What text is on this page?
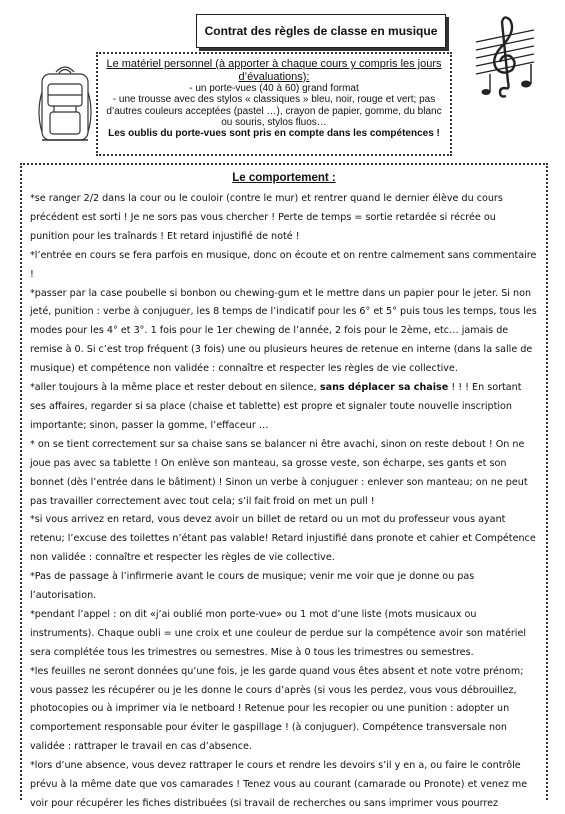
Contrat des règles de classe en musique
Le matériel personnel (à apporter à chaque cours y compris les jours d’évaluations):
- un porte-vues (40 à 60) grand format
- une trousse avec des stylos « classiques » bleu, noir, rouge et vert; pas d’autres couleurs acceptées (pastel …), crayon de papier, gomme, du blanc ou souris, stylos fluos…
Les oublis du porte-vues sont pris en compte dans les compétences !
Le comportement :

*se ranger 2/2 dans la cour ou le couloir (contre le mur) et rentrer quand le dernier élève du cours précédent est sorti ! Je ne sors pas vous chercher ! Perte de temps = sortie retardée si récrée ou punition pour les traînards ! Et retard injustifié de noté !

*l’entrée en cours se fera parfois en musique, donc on écoute et on rentre calmement sans commentaire !

*passer par la case poubelle si bonbon ou chewing-gum et le mettre dans un papier pour le jeter. Si non jeté, punition : verbe à conjuguer, les 8 temps de l’indicatif pour les 6° et 5° puis tous les temps, tous les modes pour les 4° et 3°. 1 fois pour le 1er chewing de l’année, 2 fois pour le 2ème, etc… jamais de remise à 0. Si c’est trop fréquent (3 fois) une ou plusieurs heures de retenue en interne (dans la salle de musique) et compétence non validée : connaître et respecter les règles de vie collective.

*aller toujours à la même place et rester debout en silence, sans déplacer sa chaise ! ! ! En sortant ses affaires, regarder si sa place (chaise et tablette) est propre et signaler toute nouvelle inscription importante; sinon, passer la gomme, l’effaceur …

* on se tient correctement sur sa chaise sans se balancer ni être avachi, sinon on reste debout ! On ne joue pas avec sa tablette ! On enlève son manteau, sa grosse veste, son écharpe, ses gants et son bonnet (dès l’entrée dans le bâtiment) ! Sinon un verbe à conjuguer : enlever son manteau; on ne peut pas travailler correctement avec tout cela; s’il fait froid on met un pull !

*si vous arrivez en retard, vous devez avoir un billet de retard ou un mot du professeur vous ayant retenu; l’excuse des toilettes n’étant pas valable! Retard injustifié dans pronote et cahier et Compétence non validée : connaître et respecter les règles de vie collective.

*Pas de passage à l’infirmerie avant le cours de musique; venir me voir que je donne ou pas l’autorisation.

*pendant l’appel : on dit «j’ai oublié mon porte-vue» ou 1 mot d’une liste (mots musicaux ou instruments). Chaque oubli = une croix et une couleur de perdue sur la compétence avoir son matériel sera complétée tous les trimestres ou semestres. Mise à 0 tous les trimestres ou semestres.

*les feuilles ne seront données qu’une fois, je les garde quand vous êtes absent et note votre prénom; vous passez les récupérer ou je les donne le cours d’après (si vous les perdez, vous vous débrouillez, photocopies ou à imprimer via le netboard ! Retenue pour les recopier ou une punition : adopter un comportement responsable pour éviter le gaspillage ! (à conjuguer). Compétence transversale non validée : rattraper le travail en cas d’absence.

*lors d’une absence, vous devez rattraper le cours et rendre les devoirs s’il y en a, ou faire le contrôle prévu à la même date que vos camarades ! Tenez vous au courant (camarade ou Pronote) et venez me voir pour récupérer les fiches distribuées (si travail de recherches ou sans imprimer vous pourrez
